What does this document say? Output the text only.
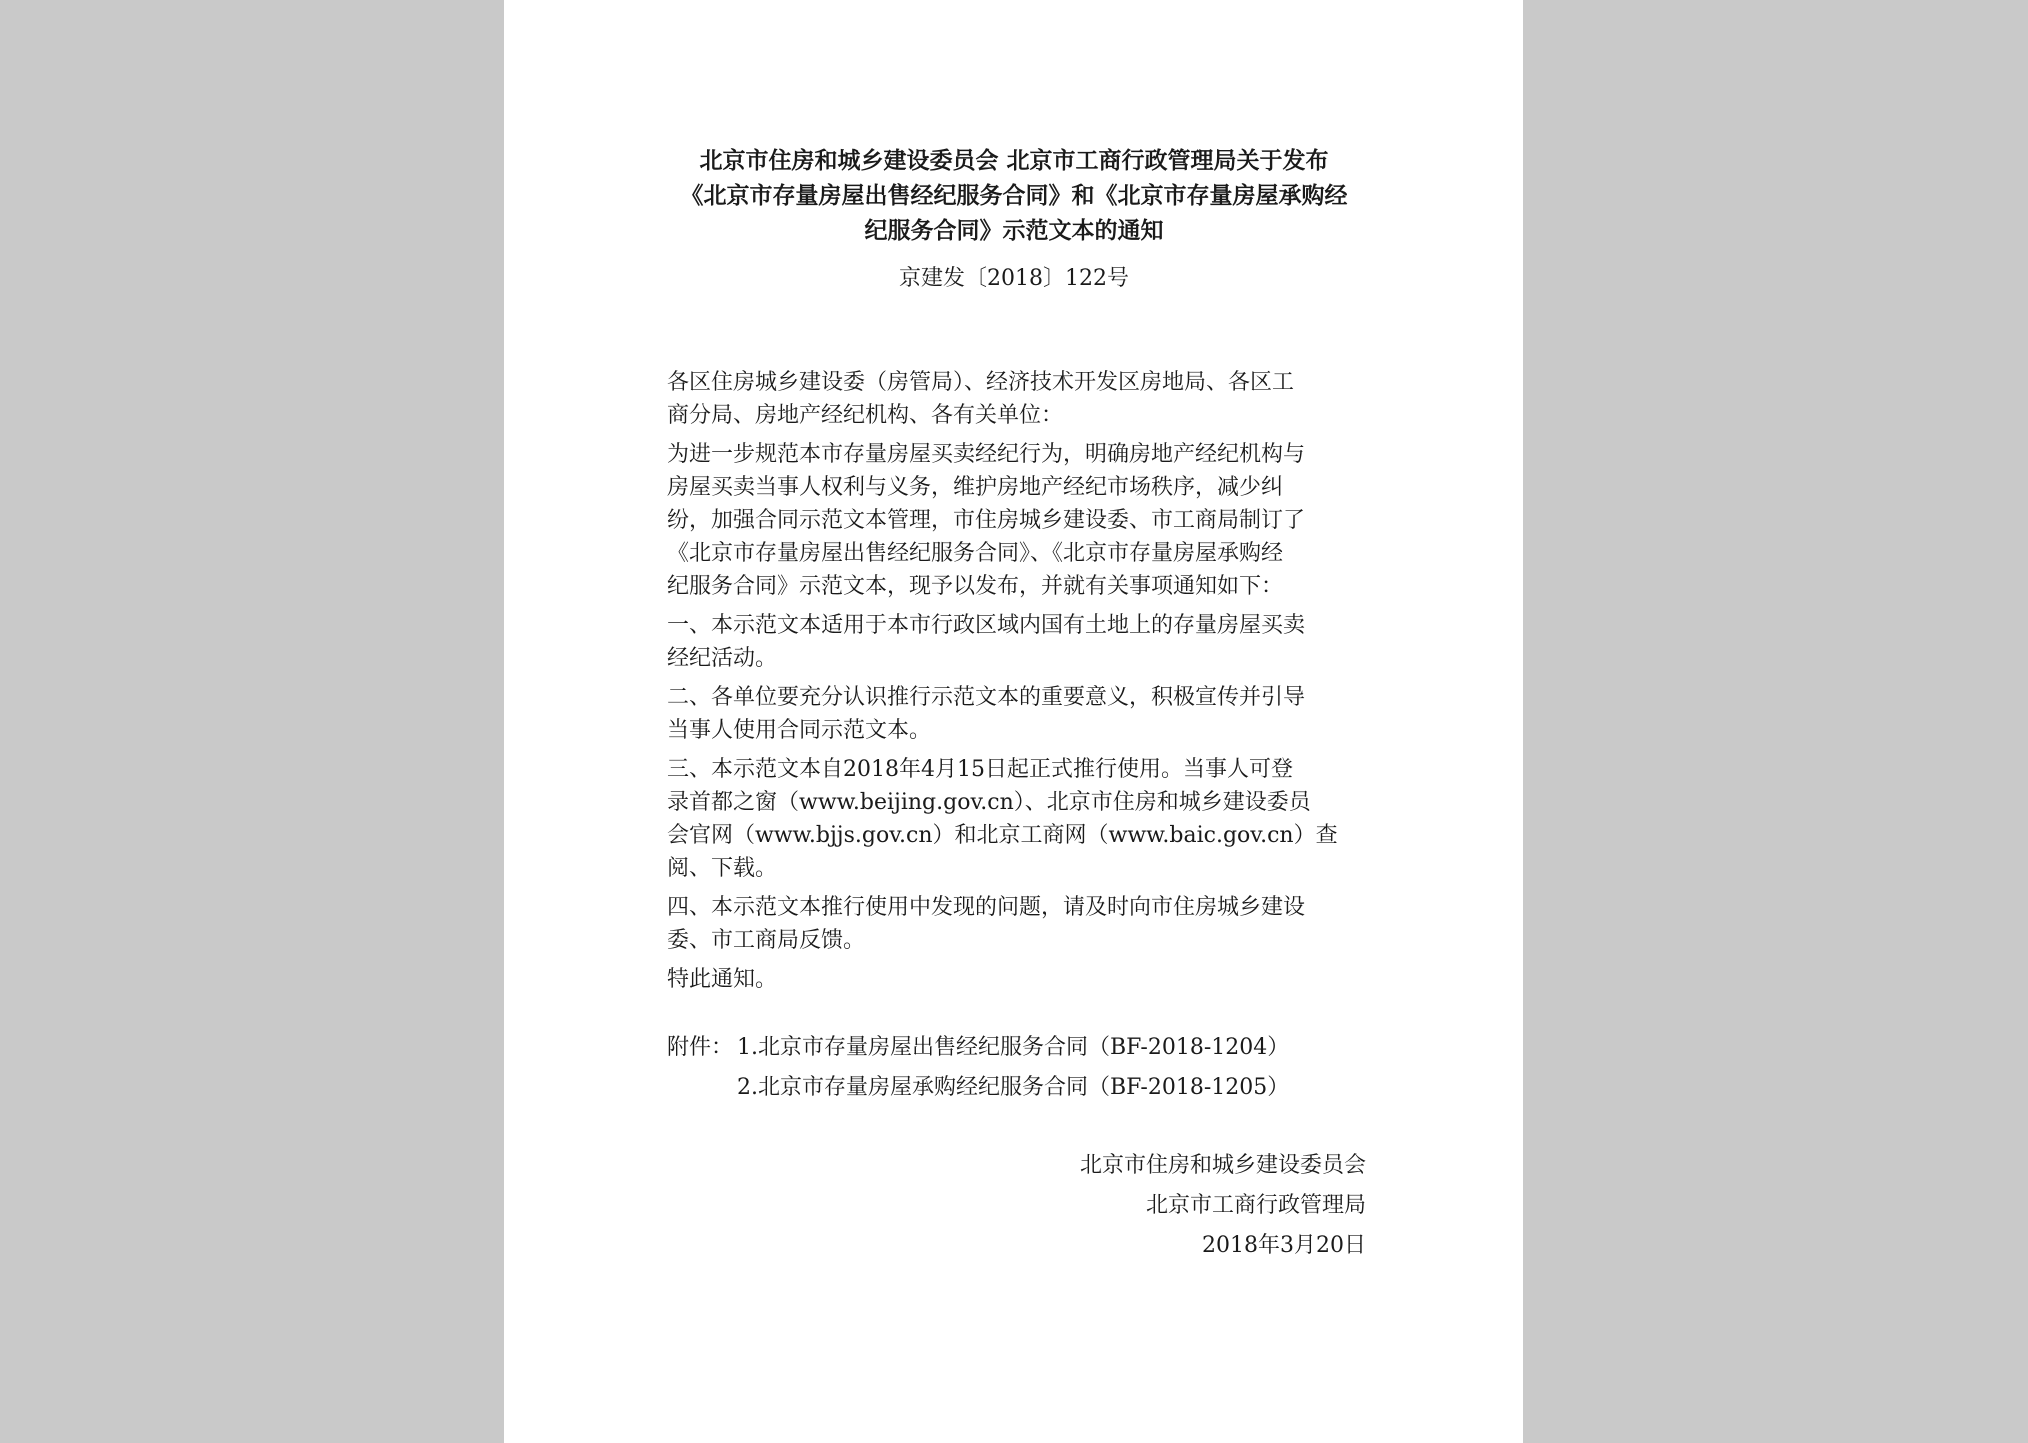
北京市住房和城乡建设委员会 北京市工商行政管理局关于发布
《北京市存量房屋出售经纪服务合同》和《北京市存量房屋承购经
纪服务合同》示范文本的通知
京建发〔2018〕122号

各区住房城乡建设委（房管局）、经济技术开发区房地局、各区工
商分局、房地产经纪机构、各有关单位：

为进一步规范本市存量房屋买卖经纪行为，明确房地产经纪机构与
房屋买卖当事人权利与义务，维护房地产经纪市场秩序，减少纠
纷，加强合同示范文本管理，市住房城乡建设委、市工商局制订了
《北京市存量房屋出售经纪服务合同》、《北京市存量房屋承购经
纪服务合同》示范文本，现予以发布，并就有关事项通知如下：

一、本示范文本适用于本市行政区域内国有土地上的存量房屋买卖
经纪活动。

二、各单位要充分认识推行示范文本的重要意义，积极宣传并引导
当事人使用合同示范文本。

三、本示范文本自2018年4月15日起正式推行使用。当事人可登
录首都之窗（www.beijing.gov.cn）、北京市住房和城乡建设委员
会官网（www.bjjs.gov.cn）和北京工商网（www.baic.gov.cn）查
阅、下载。

四、本示范文本推行使用中发现的问题，请及时向市住房城乡建设
委、市工商局反馈。

特此通知。

附件： 1.北京市存量房屋出售经纪服务合同（BF-2018-1204）
2.北京市存量房屋承购经纪服务合同（BF-2018-1205）
北京市住房和城乡建设委员会
北京市工商行政管理局
2018年3月20日
